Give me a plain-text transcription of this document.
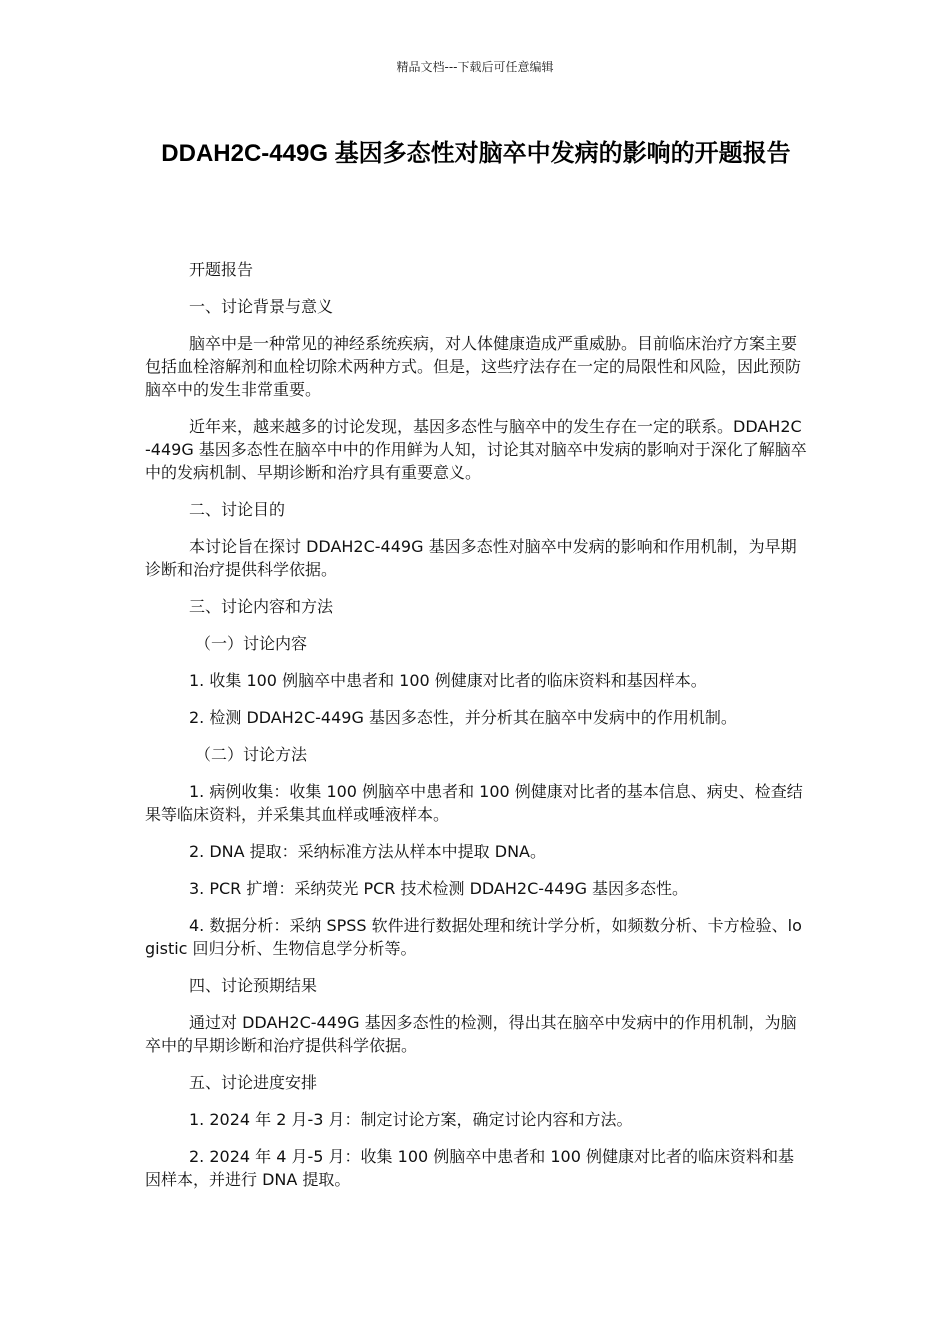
精品文档---下载后可任意编辑
DDAH2C-449G 基因多态性对脑卒中发病的影响的开题报告

开题报告

一、讨论背景与意义

脑卒中是一种常见的神经系统疾病，对人体健康造成严重威胁。目前临床治疗方案主要包括血栓溶解剂和血栓切除术两种方式。但是，这些疗法存在一定的局限性和风险，因此预防脑卒中的发生非常重要。

近年来，越来越多的讨论发现，基因多态性与脑卒中的发生存在一定的联系。DDAH2C-449G 基因多态性在脑卒中中的作用鲜为人知，讨论其对脑卒中发病的影响对于深化了解脑卒中的发病机制、早期诊断和治疗具有重要意义。

二、讨论目的

本讨论旨在探讨 DDAH2C-449G 基因多态性对脑卒中发病的影响和作用机制，为早期诊断和治疗提供科学依据。

三、讨论内容和方法

（一）讨论内容

1. 收集 100 例脑卒中患者和 100 例健康对比者的临床资料和基因样本。

2. 检测 DDAH2C-449G 基因多态性，并分析其在脑卒中发病中的作用机制。

（二）讨论方法

1. 病例收集：收集 100 例脑卒中患者和 100 例健康对比者的基本信息、病史、检查结果等临床资料，并采集其血样或唾液样本。

2. DNA 提取：采纳标准方法从样本中提取 DNA。

3. PCR 扩增：采纳荧光 PCR 技术检测 DDAH2C-449G 基因多态性。

4. 数据分析：采纳 SPSS 软件进行数据处理和统计学分析，如频数分析、卡方检验、logistic 回归分析、生物信息学分析等。

四、讨论预期结果

通过对 DDAH2C-449G 基因多态性的检测，得出其在脑卒中发病中的作用机制，为脑卒中的早期诊断和治疗提供科学依据。

五、讨论进度安排

1. 2024 年 2 月-3 月：制定讨论方案，确定讨论内容和方法。

2. 2024 年 4 月-5 月：收集 100 例脑卒中患者和 100 例健康对比者的临床资料和基因样本，并进行 DNA 提取。
